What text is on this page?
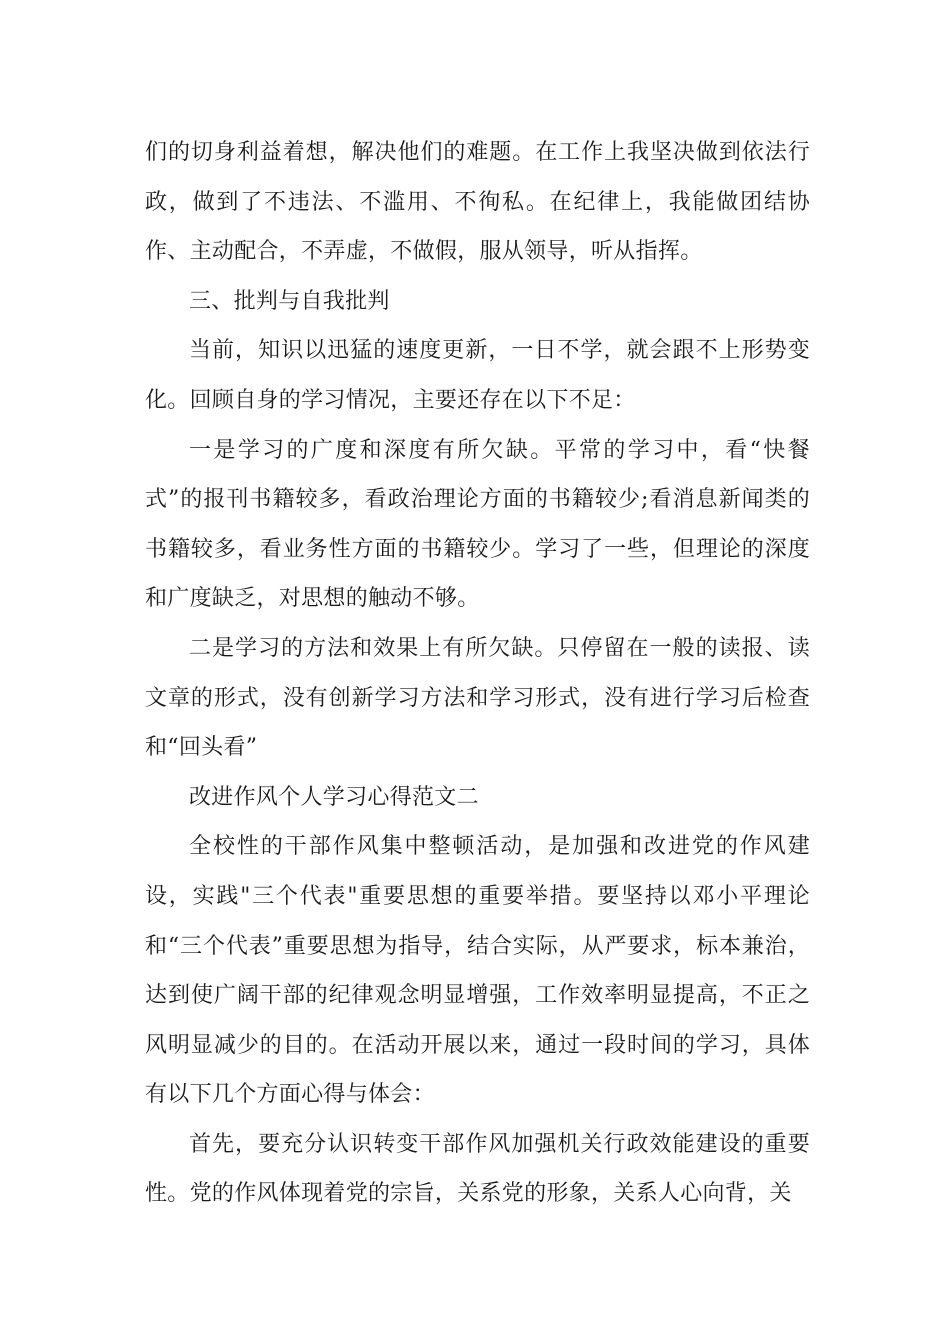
们的切身利益着想，解决他们的难题。在工作上我坚决做到依法行政，做到了不违法、不滥用、不徇私。在纪律上，我能做团结协作、主动配合，不弄虚，不做假，服从领导，听从指挥。

三、批判与自我批判

当前，知识以迅猛的速度更新，一日不学，就会跟不上形势变化。回顾自身的学习情况，主要还存在以下不足：

一是学习的广度和深度有所欠缺。平常的学习中，看“快餐式”的报刊书籍较多，看政治理论方面的书籍较少;看消息新闻类的书籍较多，看业务性方面的书籍较少。学习了一些，但理论的深度和广度缺乏，对思想的触动不够。

二是学习的方法和效果上有所欠缺。只停留在一般的读报、读文章的形式，没有创新学习方法和学习形式，没有进行学习后检查和“回头看”

改进作风个人学习心得范文二

全校性的干部作风集中整顿活动，是加强和改进党的作风建设，实践"三个代表"重要思想的重要举措。要坚持以邓小平理论和“三个代表”重要思想为指导，结合实际，从严要求，标本兼治，达到使广阔干部的纪律观念明显增强，工作效率明显提高，不正之风明显减少的目的。在活动开展以来，通过一段时间的学习，具体有以下几个方面心得与体会：

首先，要充分认识转变干部作风加强机关行政效能建设的重要性。党的作风体现着党的宗旨，关系党的形象，关系人心向背，关
